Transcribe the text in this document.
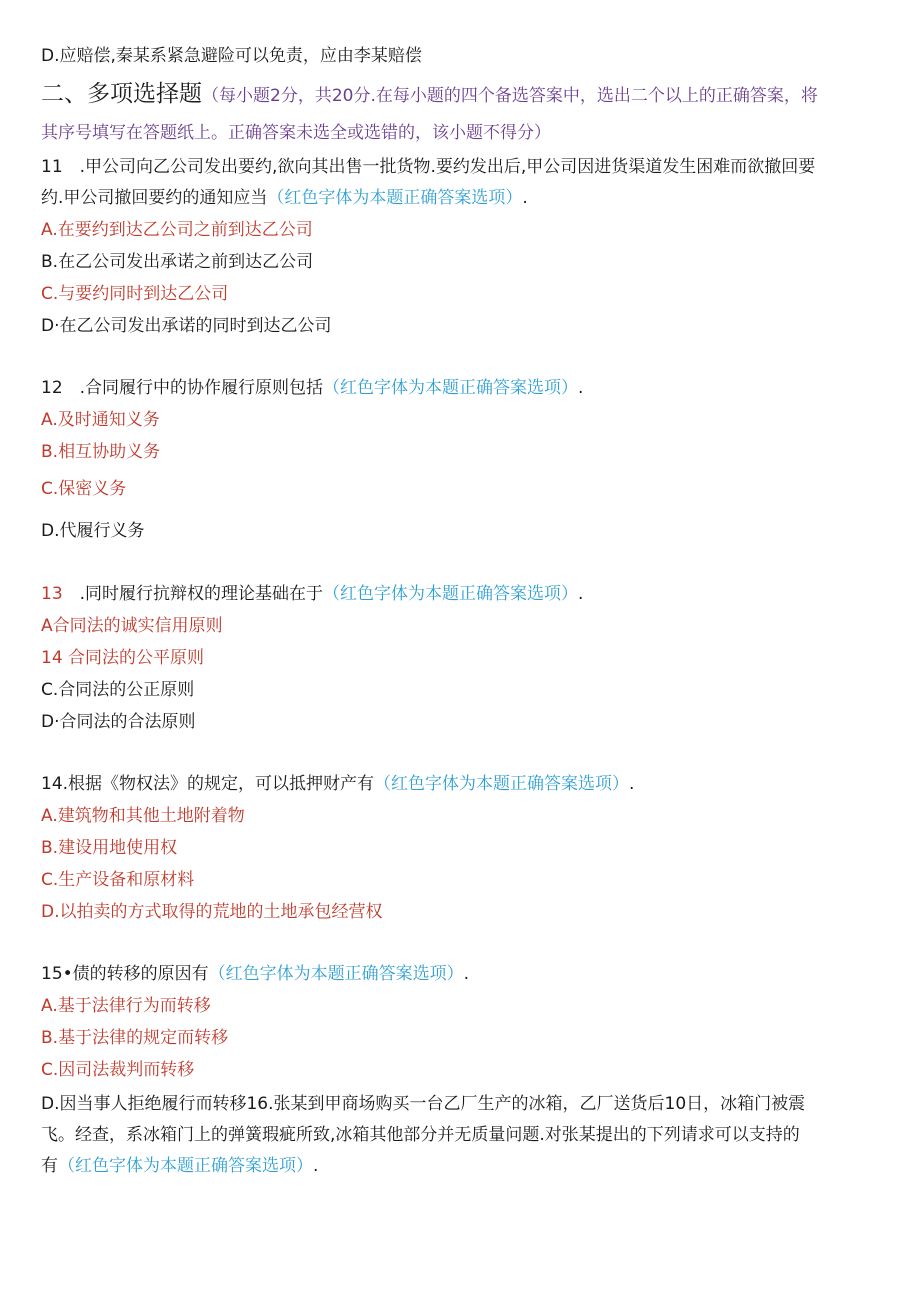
D.应赔偿,秦某系紧急避险可以免责，应由李某赔偿
二、多项选择题（每小题2分，共20分.在每小题的四个备选答案中，选出二个以上的正确答案，将
其序号填写在答题纸上。正确答案未选全或选错的，该小题不得分）
11　.甲公司向乙公司发出要约,欲向其出售一批货物.要约发出后,甲公司因进货渠道发生困难而欲撤回要
约.甲公司撤回要约的通知应当（红色字体为本题正确答案选项）.
A.在要约到达乙公司之前到达乙公司
B.在乙公司发出承诺之前到达乙公司
C.与要约同时到达乙公司
D·在乙公司发出承诺的同时到达乙公司
12　.合同履行中的协作履行原则包括（红色字体为本题正确答案选项）.
A.及时通知义务
B.相互协助义务
C.保密义务
D.代履行义务
13　.同时履行抗辩权的理论基础在于（红色字体为本题正确答案选项）.
A合同法的诚实信用原则
14 合同法的公平原则
C.合同法的公正原则
D·合同法的合法原则
14.根据《物权法》的规定，可以抵押财产有（红色字体为本题正确答案选项）.
A.建筑物和其他土地附着物
B.建设用地使用权
C.生产设备和原材料
D.以拍卖的方式取得的荒地的土地承包经营权
15•债的转移的原因有（红色字体为本题正确答案选项）.
A.基于法律行为而转移
B.基于法律的规定而转移
C.因司法裁判而转移
D.因当事人拒绝履行而转移16.张某到甲商场购买一台乙厂生产的冰箱，乙厂送货后10日，冰箱门被震
飞。经查，系冰箱门上的弹簧瑕疵所致,冰箱其他部分并无质量问题.对张某提出的下列请求可以支持的
有（红色字体为本题正确答案选项）.
